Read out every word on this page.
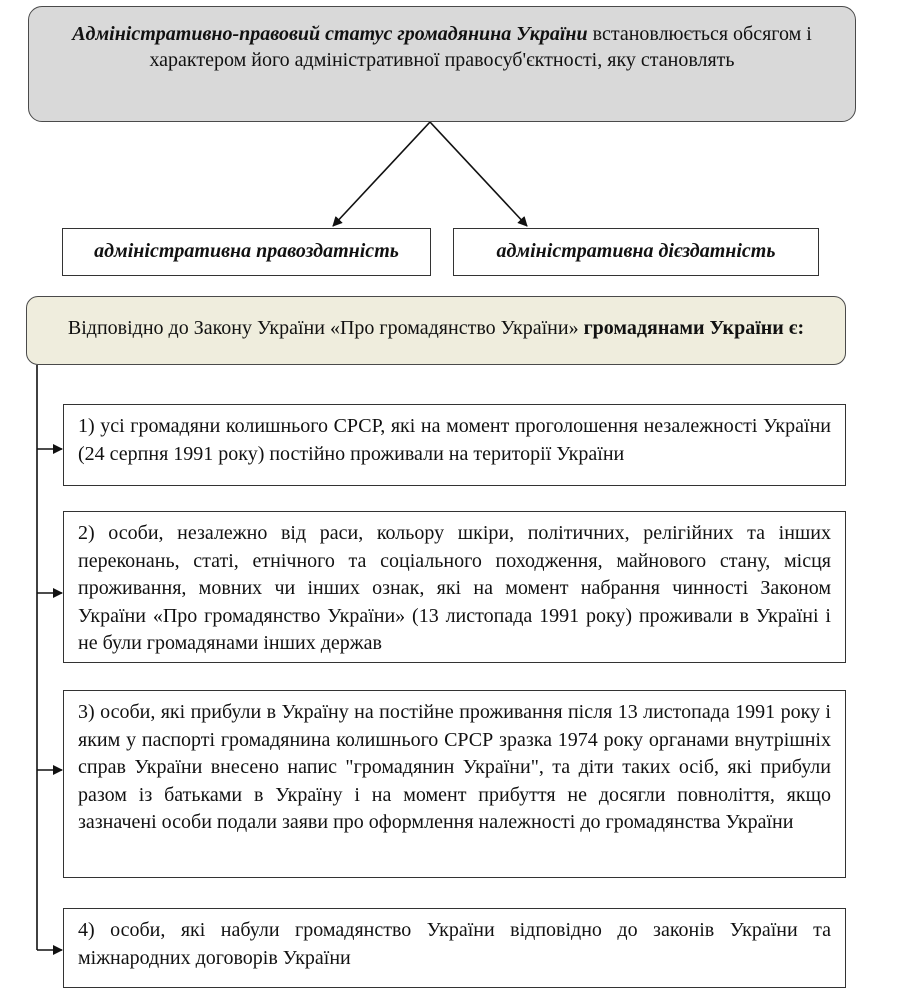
Адміністративно-правовий статус громадянина України встановлюється обсягом і характером його адміністративної правосуб'єктності, яку становлять
адміністративна правоздатність	адміністративна дієздатність
Відповідно до Закону України «Про громадянство України» громадянами України є:
1) усі громадяни колишнього СРСР, які на момент проголошення незалежності України (24 серпня 1991 року) постійно проживали на території України
2) особи, незалежно від раси, кольору шкіри, політичних, релігійних та інших переконань, статі, етнічного та соціального походження, майнового стану, місця проживання, мовних чи інших ознак, які на момент набрання чинності Законом України «Про громадянство України» (13 листопада 1991 року) проживали в Україні і не були громадянами інших держав
3) особи, які прибули в Україну на постійне проживання після 13 листопада 1991 року і яким у паспорті громадянина колишнього СРСР зразка 1974 року органами внутрішніх справ України внесено напис "громадянин України", та діти таких осіб, які прибули разом із батьками в Україну і на момент прибуття не досягли повноліття, якщо зазначені особи подали заяви про оформлення належності до громадянства України
4) особи, які набули громадянство України відповідно до законів України та міжнародних договорів України
